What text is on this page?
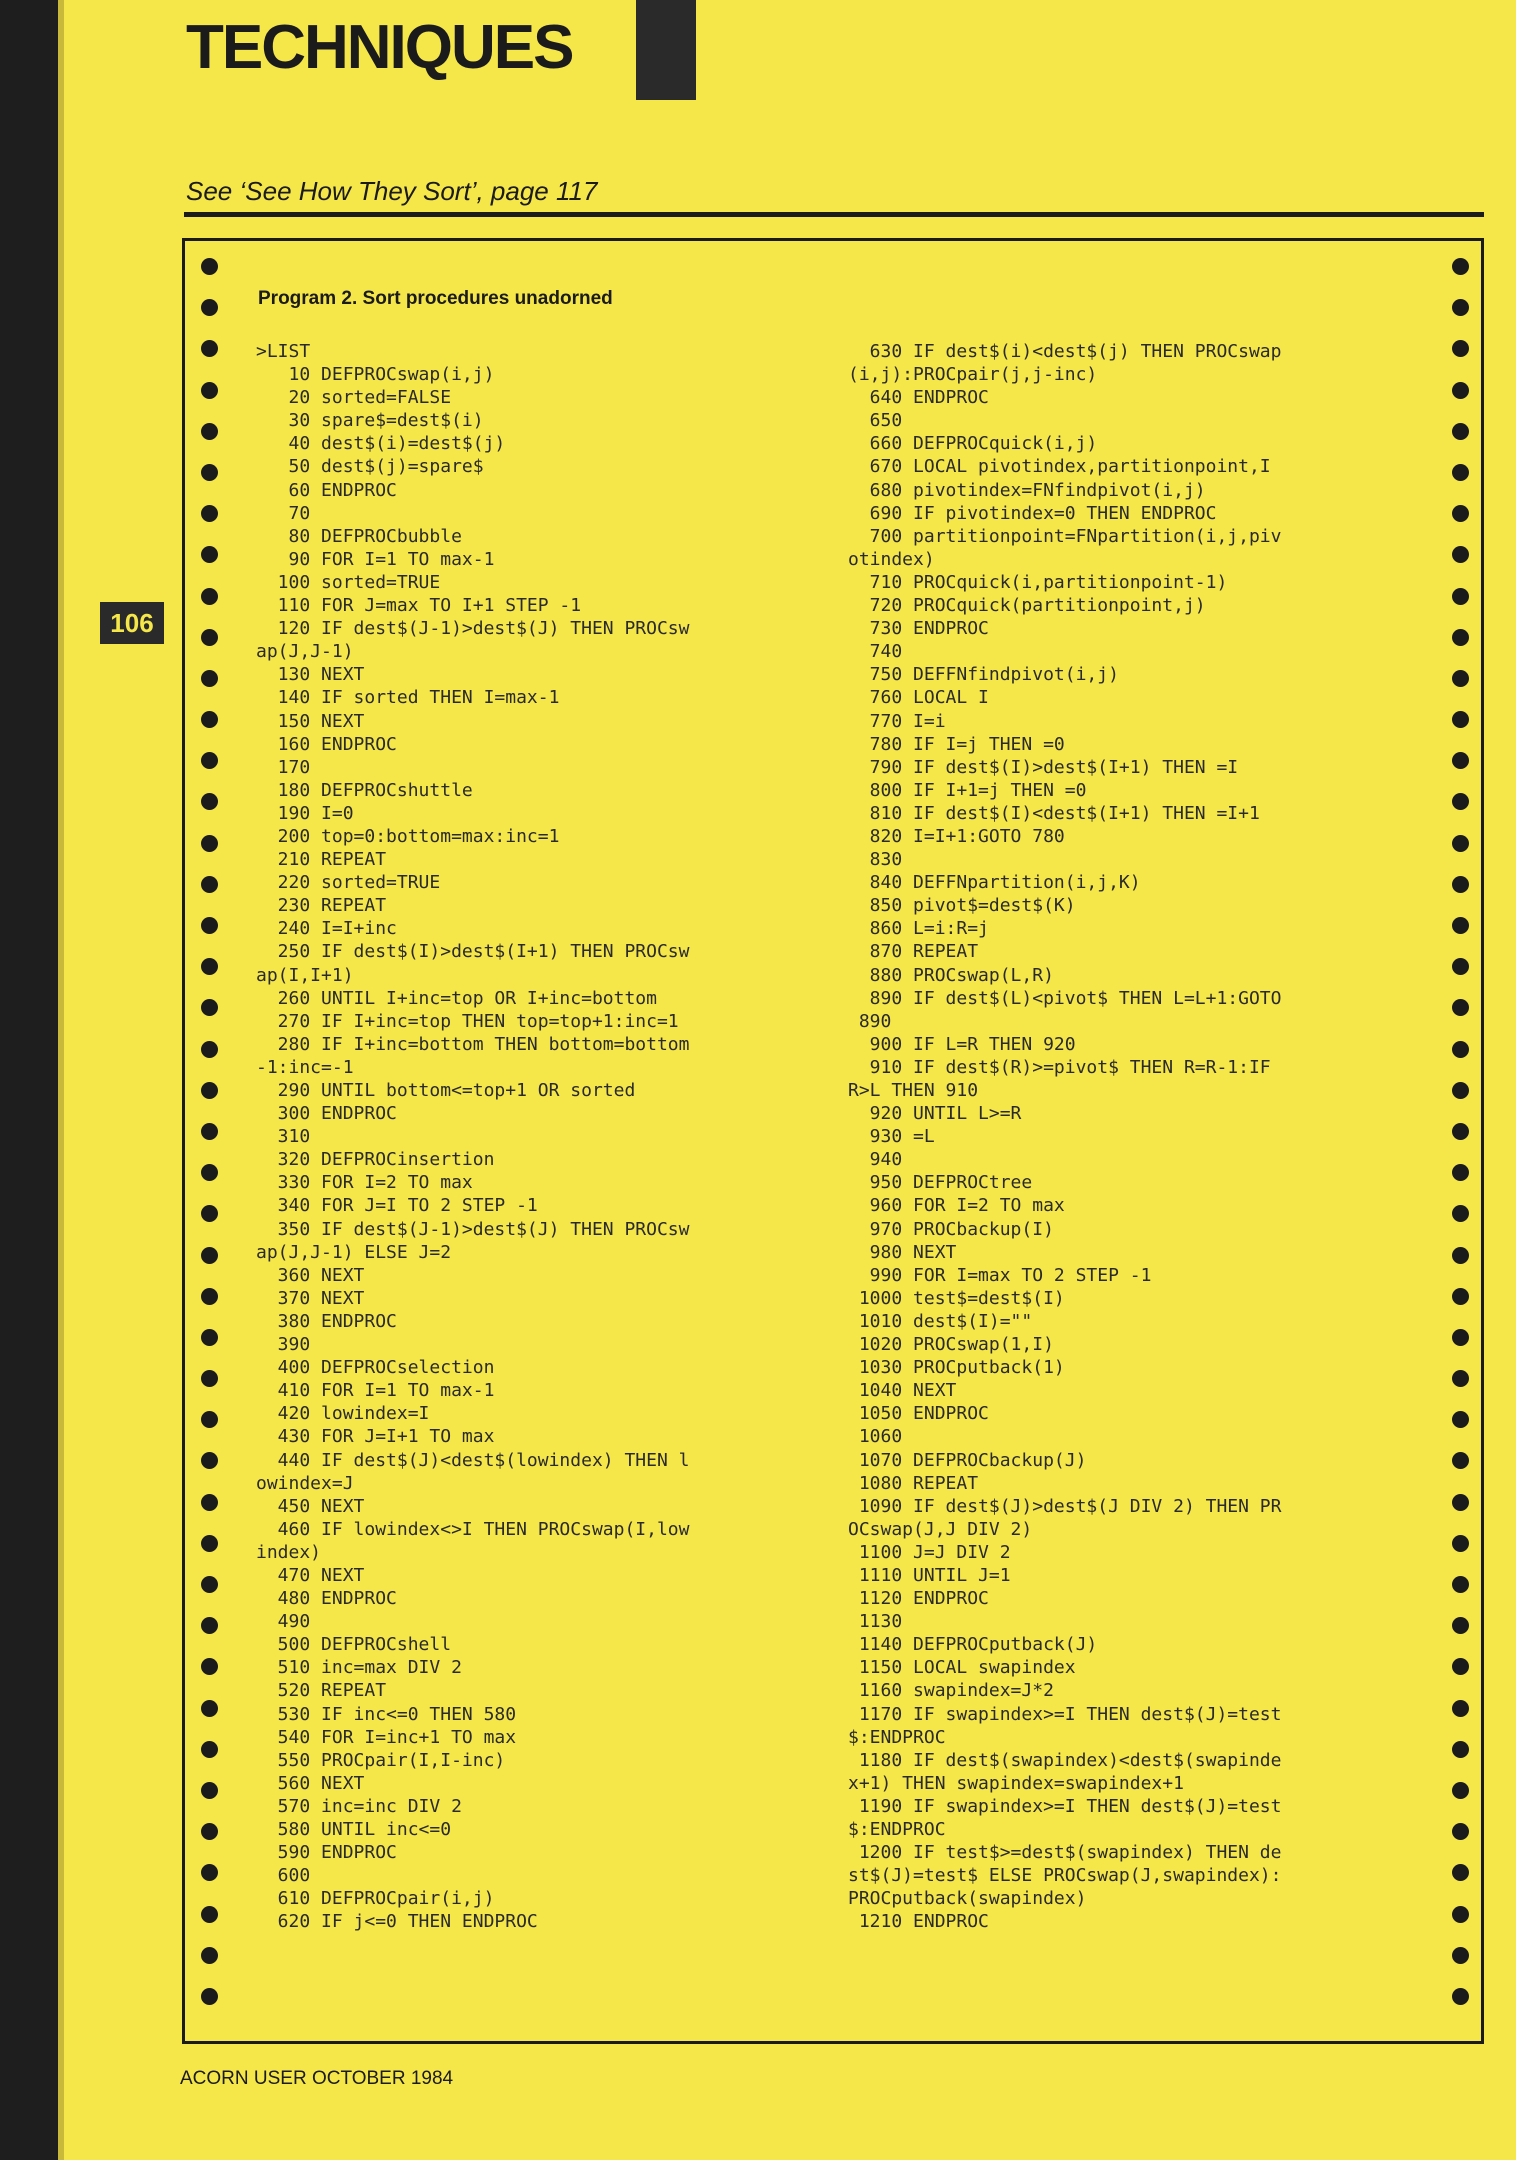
TECHNIQUES
106
See ‘See How They Sort’, page 117
Program 2. Sort procedures unadorned
>LIST
10 DEFPROCswap(i,j)
20 sorted=FALSE
30 spare$=dest$(i)
40 dest$(i)=dest$(j)
50 dest$(j)=spare$
60 ENDPROC
70
80 DEFPROCbubble
90 FOR I=1 TO max-1
100 sorted=TRUE
110 FOR J=max TO I+1 STEP -1
120 IF dest$(J-1)>dest$(J) THEN PROCsw
ap(J,J-1)
130 NEXT
140 IF sorted THEN I=max-1
150 NEXT
160 ENDPROC
170
180 DEFPROCshuttle
190 I=0
200 top=0:bottom=max:inc=1
210 REPEAT
220 sorted=TRUE
230 REPEAT
240 I=I+inc
250 IF dest$(I)>dest$(I+1) THEN PROCsw
ap(I,I+1)
260 UNTIL I+inc=top OR I+inc=bottom
270 IF I+inc=top THEN top=top+1:inc=1
280 IF I+inc=bottom THEN bottom=bottom
-1:inc=-1
290 UNTIL bottom<=top+1 OR sorted
300 ENDPROC
310
320 DEFPROCinsertion
330 FOR I=2 TO max
340 FOR J=I TO 2 STEP -1
350 IF dest$(J-1)>dest$(J) THEN PROCsw
ap(J,J-1) ELSE J=2
360 NEXT
370 NEXT
380 ENDPROC
390
400 DEFPROCselection
410 FOR I=1 TO max-1
420 lowindex=I
430 FOR J=I+1 TO max
440 IF dest$(J)<dest$(lowindex) THEN l
owindex=J
450 NEXT
460 IF lowindex<>I THEN PROCswap(I,low
index)
470 NEXT
480 ENDPROC
490
500 DEFPROCshell
510 inc=max DIV 2
520 REPEAT
530 IF inc<=0 THEN 580
540 FOR I=inc+1 TO max
550 PROCpair(I,I-inc)
560 NEXT
570 inc=inc DIV 2
580 UNTIL inc<=0
590 ENDPROC
600
610 DEFPROCpair(i,j)
620 IF j<=0 THEN ENDPROC
630 IF dest$(i)<dest$(j) THEN PROCswap
(i,j):PROCpair(j,j-inc)
640 ENDPROC
650
660 DEFPROCquick(i,j)
670 LOCAL pivotindex,partitionpoint,I
680 pivotindex=FNfindpivot(i,j)
690 IF pivotindex=0 THEN ENDPROC
700 partitionpoint=FNpartition(i,j,piv
otindex)
710 PROCquick(i,partitionpoint-1)
720 PROCquick(partitionpoint,j)
730 ENDPROC
740
750 DEFFNfindpivot(i,j)
760 LOCAL I
770 I=i
780 IF I=j THEN =0
790 IF dest$(I)>dest$(I+1) THEN =I
800 IF I+1=j THEN =0
810 IF dest$(I)<dest$(I+1) THEN =I+1
820 I=I+1:GOTO 780
830
840 DEFFNpartition(i,j,K)
850 pivot$=dest$(K)
860 L=i:R=j
870 REPEAT
880 PROCswap(L,R)
890 IF dest$(L)<pivot$ THEN L=L+1:GOTO
890
900 IF L=R THEN 920
910 IF dest$(R)>=pivot$ THEN R=R-1:IF
R>L THEN 910
920 UNTIL L>=R
930 =L
940
950 DEFPROCtree
960 FOR I=2 TO max
970 PROCbackup(I)
980 NEXT
990 FOR I=max TO 2 STEP -1
1000 test$=dest$(I)
1010 dest$(I)=""
1020 PROCswap(1,I)
1030 PROCputback(1)
1040 NEXT
1050 ENDPROC
1060
1070 DEFPROCbackup(J)
1080 REPEAT
1090 IF dest$(J)>dest$(J DIV 2) THEN PR
OCswap(J,J DIV 2)
1100 J=J DIV 2
1110 UNTIL J=1
1120 ENDPROC
1130
1140 DEFPROCputback(J)
1150 LOCAL swapindex
1160 swapindex=J*2
1170 IF swapindex>=I THEN dest$(J)=test
$:ENDPROC
1180 IF dest$(swapindex)<dest$(swapinde
x+1) THEN swapindex=swapindex+1
1190 IF swapindex>=I THEN dest$(J)=test
$:ENDPROC
1200 IF test$>=dest$(swapindex) THEN de
st$(J)=test$ ELSE PROCswap(J,swapindex):
PROCputback(swapindex)
1210 ENDPROC
ACORN USER OCTOBER 1984
